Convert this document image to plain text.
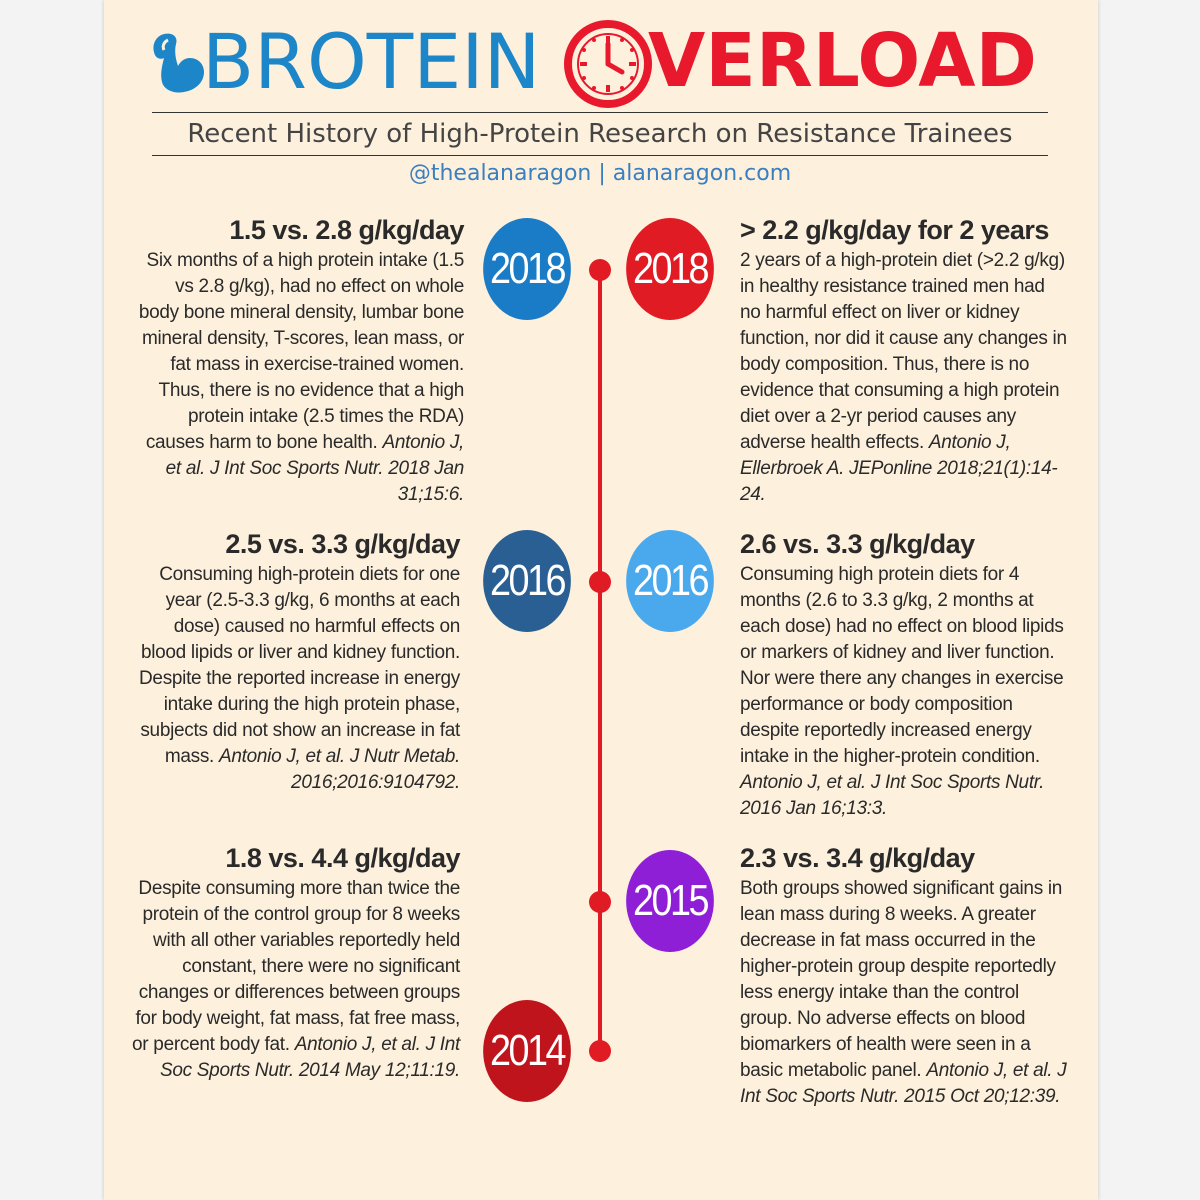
BROTEIN VERLOAD
Recent History of High-Protein Research on Resistance Trainees
@thealanaragon | alanaragon.com
2018 2018
2016 2016
2015
2014
1.5 vs. 2.8 g/kg/day

Six months of a high protein intake (1.5 vs 2.8 g/kg), had no effect on whole body bone mineral density, lumbar bone mineral density, T-scores, lean mass, or fat mass in exercise-trained women. Thus, there is no evidence that a high protein intake (2.5 times the RDA) causes harm to bone health. Antonio J, et al. J Int Soc Sports Nutr. 2018 Jan 31;15:6.

> 2.2 g/kg/day for 2 years

2 years of a high-protein diet (>2.2 g/kg) in healthy resistance trained men had no harmful effect on liver or kidney function, nor did it cause any changes in body composition. Thus, there is no evidence that consuming a high protein diet over a 2-yr period causes any adverse health effects. Antonio J, Ellerbroek A. JEPonline 2018;21(1):14-24.

2.5 vs. 3.3 g/kg/day

Consuming high-protein diets for one year (2.5-3.3 g/kg, 6 months at each dose) caused no harmful effects on blood lipids or liver and kidney function. Despite the reported increase in energy intake during the high protein phase, subjects did not show an increase in fat mass. Antonio J, et al. J Nutr Metab. 2016;2016:9104792.

2.6 vs. 3.3 g/kg/day

Consuming high protein diets for 4 months (2.6 to 3.3 g/kg, 2 months at each dose) had no effect on blood lipids or markers of kidney and liver function. Nor were there any changes in exercise performance or body composition despite reportedly increased energy intake in the higher-protein condition. Antonio J, et al. J Int Soc Sports Nutr. 2016 Jan 16;13:3.

1.8 vs. 4.4 g/kg/day

Despite consuming more than twice the protein of the control group for 8 weeks with all other variables reportedly held constant, there were no significant changes or differences between groups for body weight, fat mass, fat free mass, or percent body fat. Antonio J, et al. J Int Soc Sports Nutr. 2014 May 12;11:19.

2.3 vs. 3.4 g/kg/day

Both groups showed significant gains in lean mass during 8 weeks. A greater decrease in fat mass occurred in the higher-protein group despite reportedly less energy intake than the control group. No adverse effects on blood biomarkers of health were seen in a basic metabolic panel. Antonio J, et al. J Int Soc Sports Nutr. 2015 Oct 20;12:39.
